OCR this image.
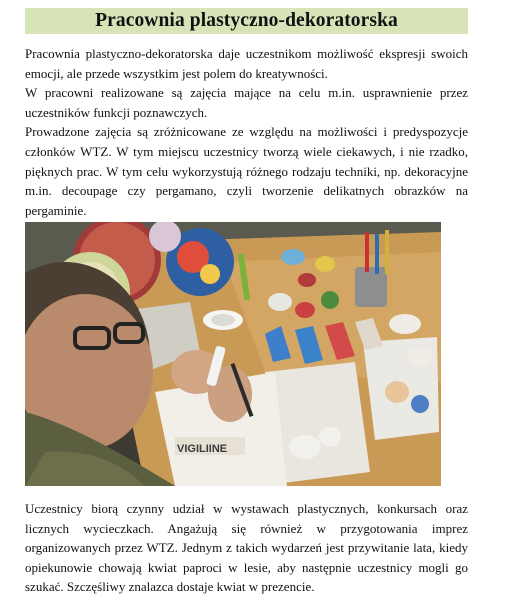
Pracownia plastyczno-dekoratorska

Pracownia plastyczno-dekoratorska daje uczestnikom możliwość ekspresji swoich emocji, ale przede wszystkim jest polem do kreatywności.

W pracowni realizowane są zajęcia mające na celu m.in. usprawnienie przez uczestników funkcji poznawczych.

Prowadzone zajęcia są zróżnicowane ze względu na możliwości i predyspozycje członków WTZ. W tym miejscu uczestnicy tworzą wiele ciekawych, i nie rzadko, pięknych prac. W tym celu wykorzystują różnego rodzaju techniki, np. dekoracyjne m.in. decoupage czy pergamano, czyli tworzenie delikatnych obrazków na pergaminie.

VIGILIINE

Uczestnicy biorą czynny udział w wystawach plastycznych, konkursach oraz licznych wycieczkach. Angażują się również w przygotowania imprez organizowanych przez WTZ. Jednym z takich wydarzeń jest przywitanie lata, kiedy opiekunowie chowają kwiat paproci w lesie, aby następnie uczestnicy mogli go szukać. Szczęśliwy znalazca dostaje kwiat w prezencie.
